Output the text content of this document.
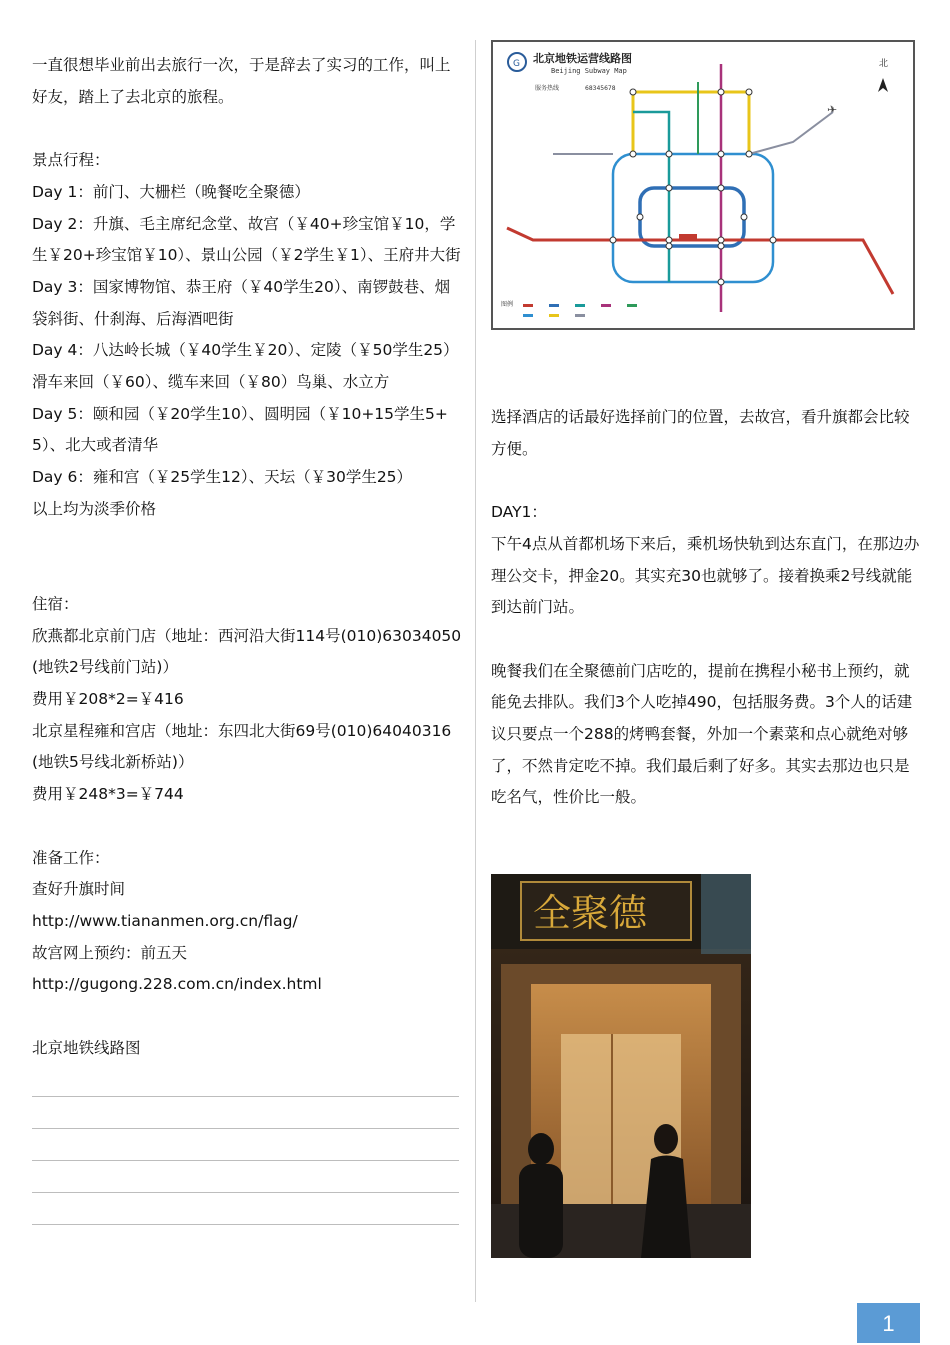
一直很想毕业前出去旅行一次，于是辞去了实习的工作，叫上好友，踏上了去北京的旅程。

景点行程：

Day 1：前门、大栅栏（晚餐吃全聚德）

Day 2：升旗、毛主席纪念堂、故宫（￥40+珍宝馆￥10，学生￥20+珍宝馆￥10）、景山公园（￥2学生￥1）、王府井大街

Day 3：国家博物馆、恭王府（￥40学生20）、南锣鼓巷、烟袋斜街、什刹海、后海酒吧街

Day 4：八达岭长城（￥40学生￥20）、定陵（￥50学生25）滑车来回（￥60）、缆车来回（￥80）鸟巢、水立方

Day 5：颐和园（￥20学生10）、圆明园（￥10+15学生5+5）、北大或者清华

Day 6：雍和宫（￥25学生12）、天坛（￥30学生25）

以上均为淡季价格

住宿：

欣燕都北京前门店（地址：西河沿大街114号(010)63034050 (地铁2号线前门站)）

费用￥208*2=￥416

北京星程雍和宫店（地址：东四北大街69号(010)64040316 (地铁5号线北新桥站)）

费用￥248*3=￥744

准备工作：

查好升旗时间

http://www.tiananmen.org.cn/flag/

故宫网上预约：前五天

http://gugong.228.com.cn/index.html

北京地铁线路图

G 北京地铁运营线路图
Beijing Subway Map
服务热线	68345678
北
✈
图例

选择酒店的话最好选择前门的位置，去故宫，看升旗都会比较方便。

DAY1：

下午4点从首都机场下来后，乘机场快轨到达东直门，在那边办理公交卡，押金20。其实充30也就够了。接着换乘2号线就能到达前门站。

晚餐我们在全聚德前门店吃的，提前在携程小秘书上预约，就能免去排队。我们3个人吃掉490，包括服务费。3个人的话建议只要点一个288的烤鸭套餐，外加一个素菜和点心就绝对够了，不然肯定吃不掉。我们最后剩了好多。其实去那边也只是吃名气，性价比一般。

全聚德
1
